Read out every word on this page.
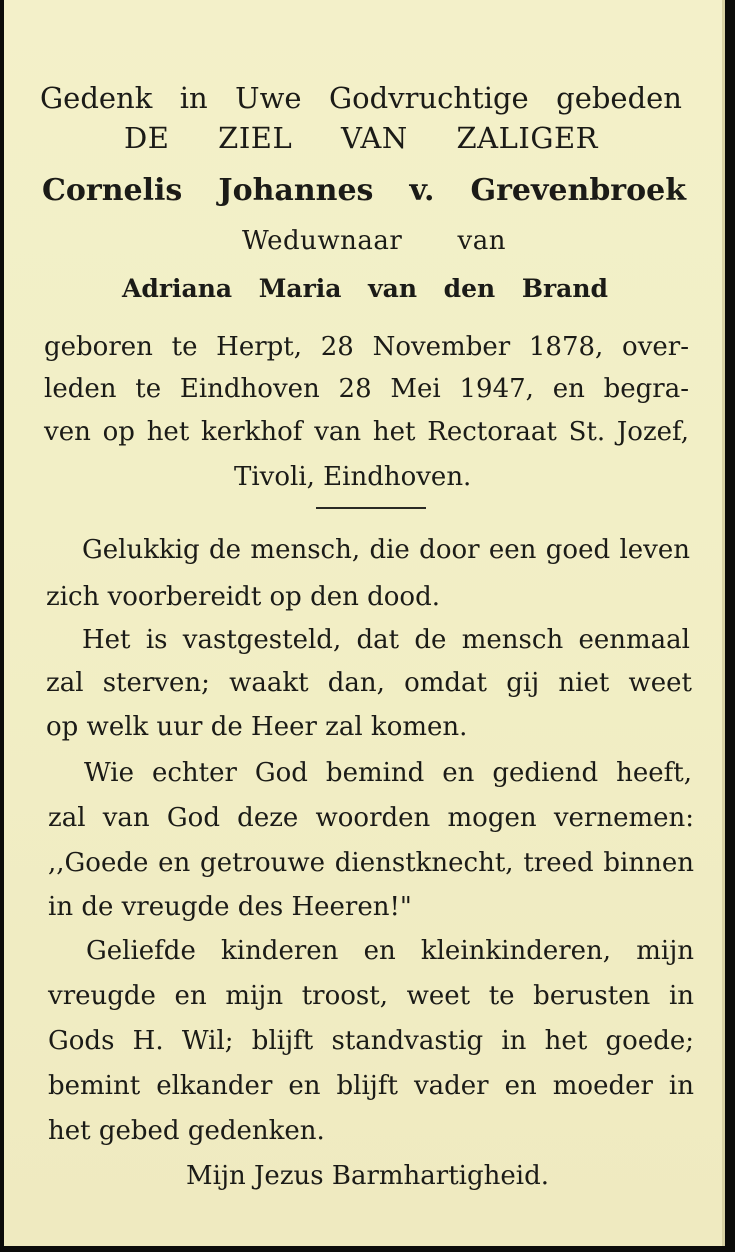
Gedenk in Uwe Godvruchtige gebeden

DE ZIEL VAN ZALIGER

Cornelis Johannes v. Grevenbroek

Weduwnaar van

Adriana Maria van den Brand

geboren te Herpt, 28 November 1878, over-

leden te Eindhoven 28 Mei 1947, en begra-

ven op het kerkhof van het Rectoraat St. Jozef,

Tivoli, Eindhoven.

Gelukkig de mensch, die door een goed leven

zich voorbereidt op den dood.

Het is vastgesteld, dat de mensch eenmaal

zal sterven; waakt dan, omdat gij niet weet

op welk uur de Heer zal komen.

Wie echter God bemind en gediend heeft,

zal van God deze woorden mogen vernemen:

,,Goede en getrouwe dienstknecht, treed binnen

in de vreugde des Heeren!"

Geliefde kinderen en kleinkinderen, mijn

vreugde en mijn troost, weet te berusten in

Gods H. Wil; blijft standvastig in het goede;

bemint elkander en blijft vader en moeder in

het gebed gedenken.

Mijn Jezus Barmhartigheid.
